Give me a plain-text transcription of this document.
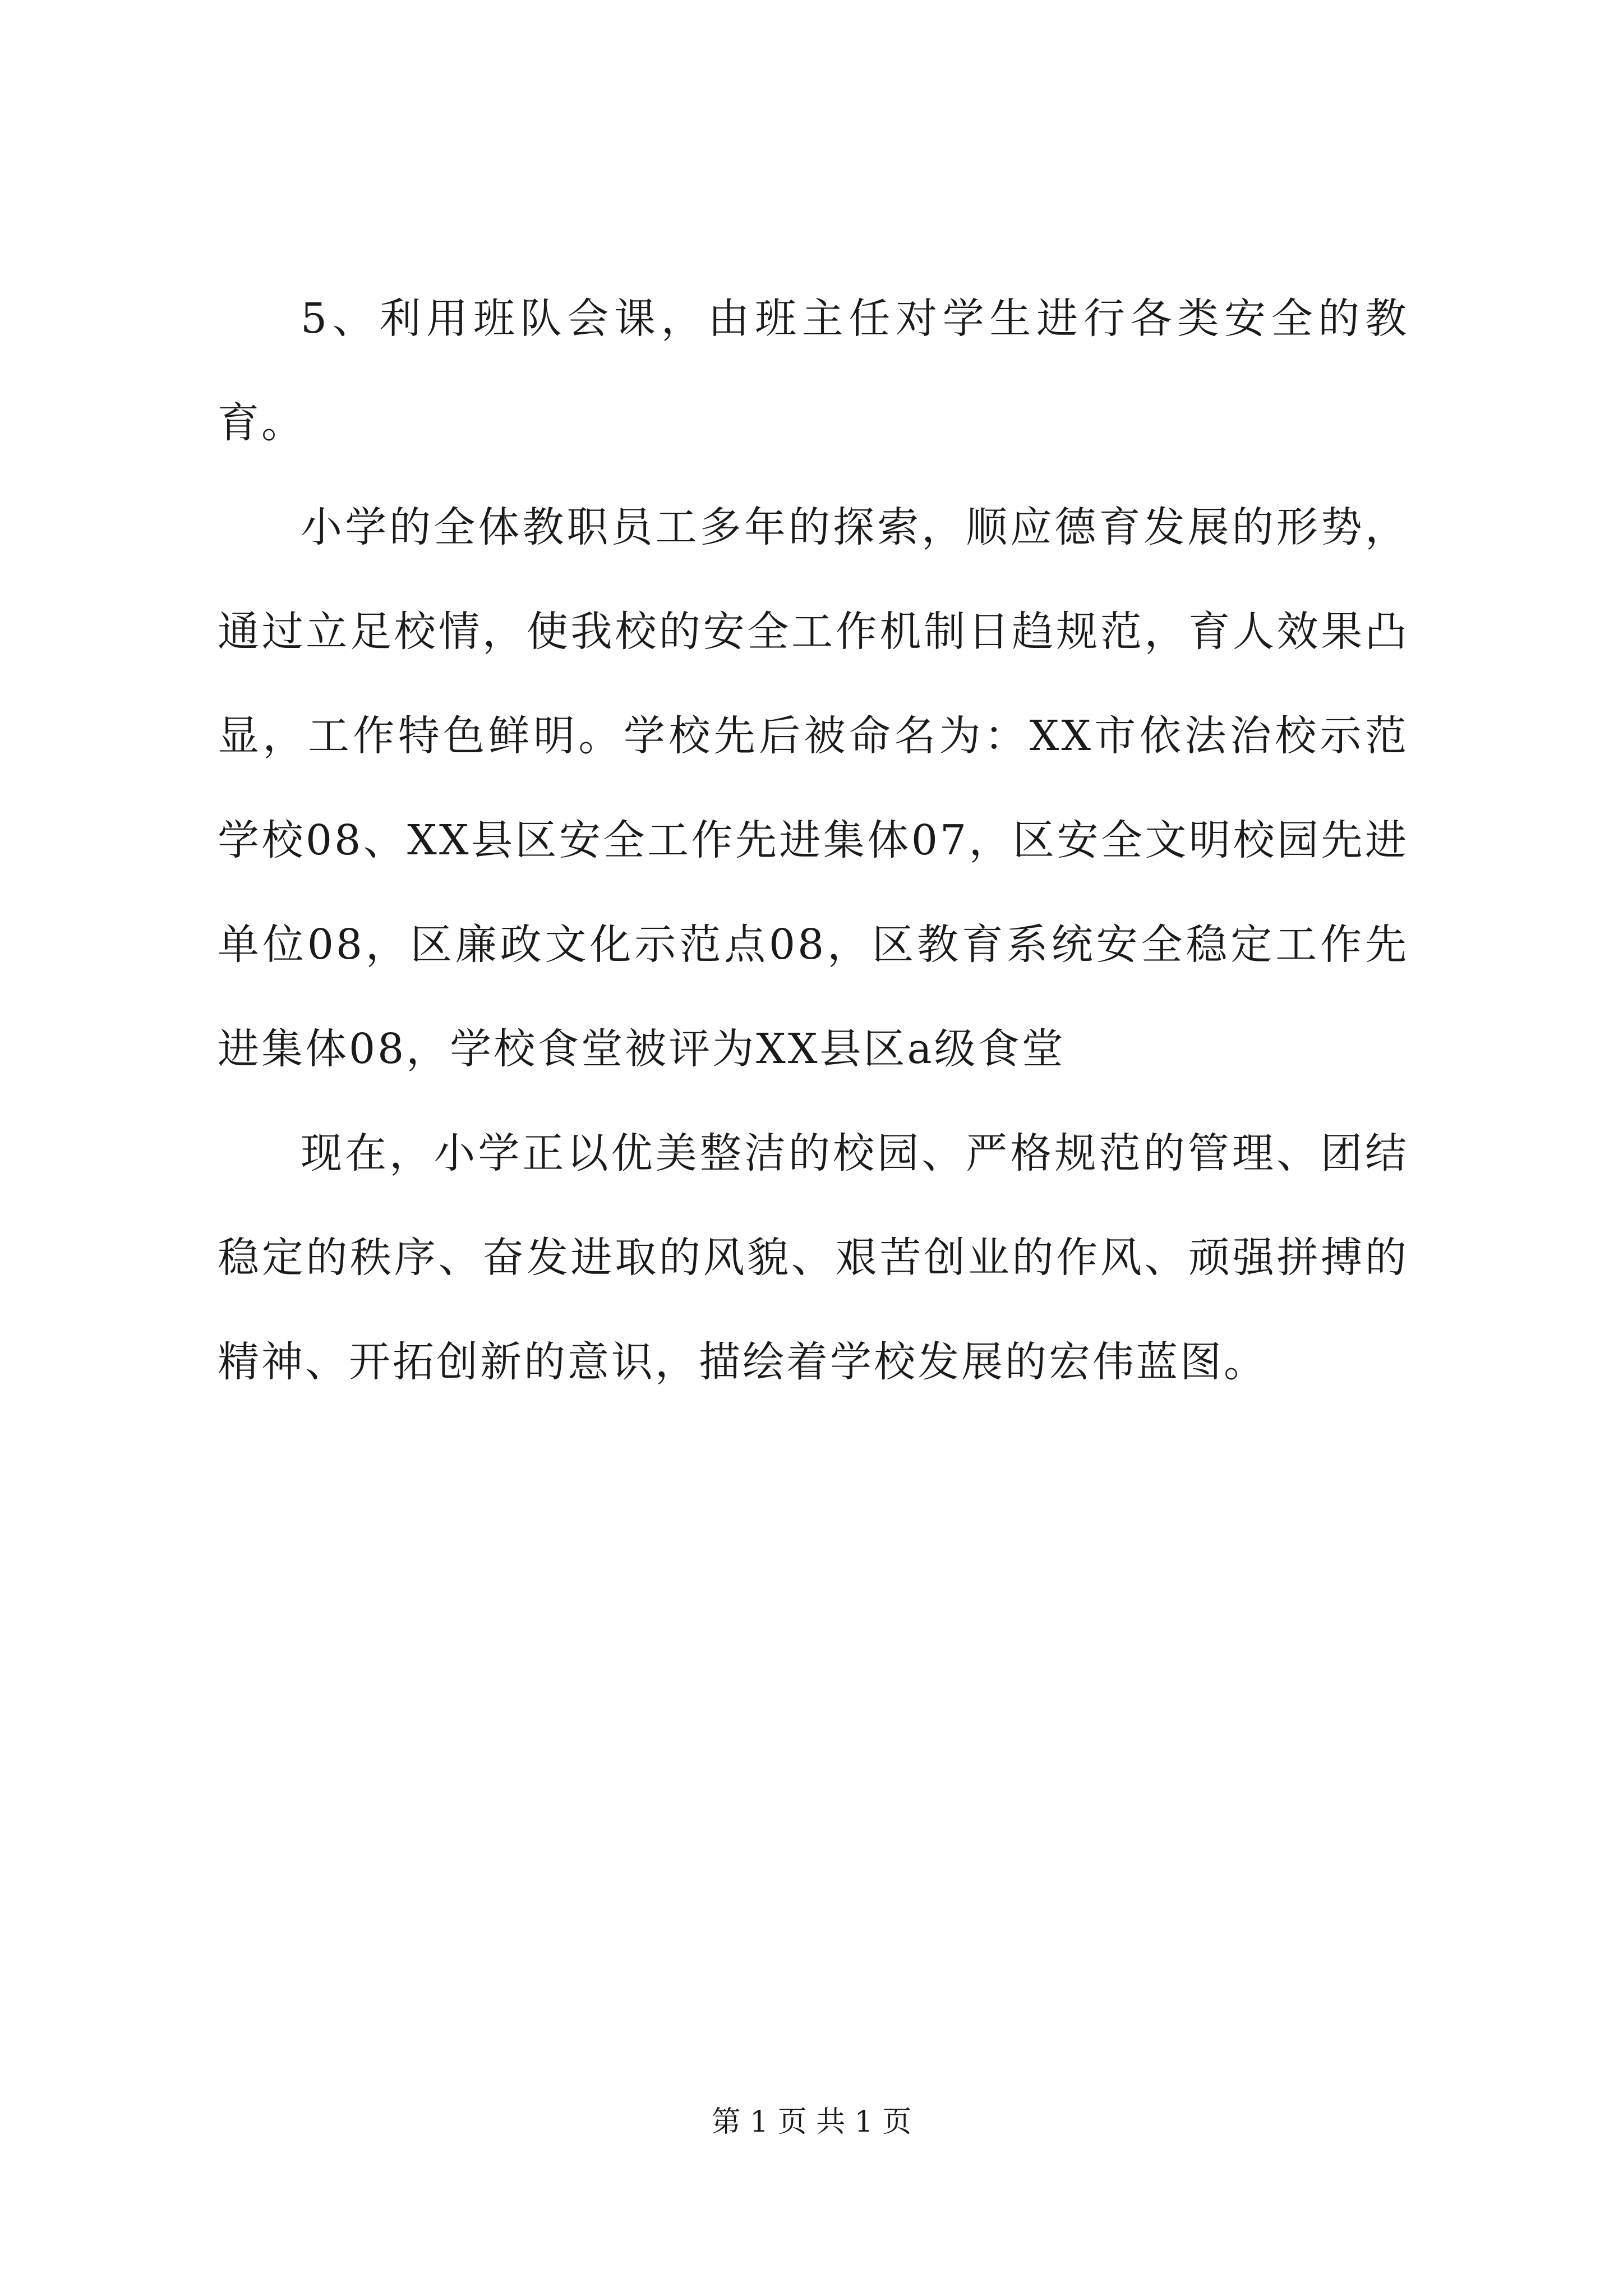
5、利用班队会课，由班主任对学生进行各类安全的教育。

小学的全体教职员工多年的探索，顺应德育发展的形势，通过立足校情，使我校的安全工作机制日趋规范，育人效果凸显，工作特色鲜明。学校先后被命名为：XX市依法治校示范学校08、XX县区安全工作先进集体07，区安全文明校园先进单位08，区廉政文化示范点08，区教育系统安全稳定工作先进集体08，学校食堂被评为XX县区a级食堂

现在，小学正以优美整洁的校园、严格规范的管理、团结稳定的秩序、奋发进取的风貌、艰苦创业的作风、顽强拼搏的精神、开拓创新的意识，描绘着学校发展的宏伟蓝图。

第 1 页 共 1 页
